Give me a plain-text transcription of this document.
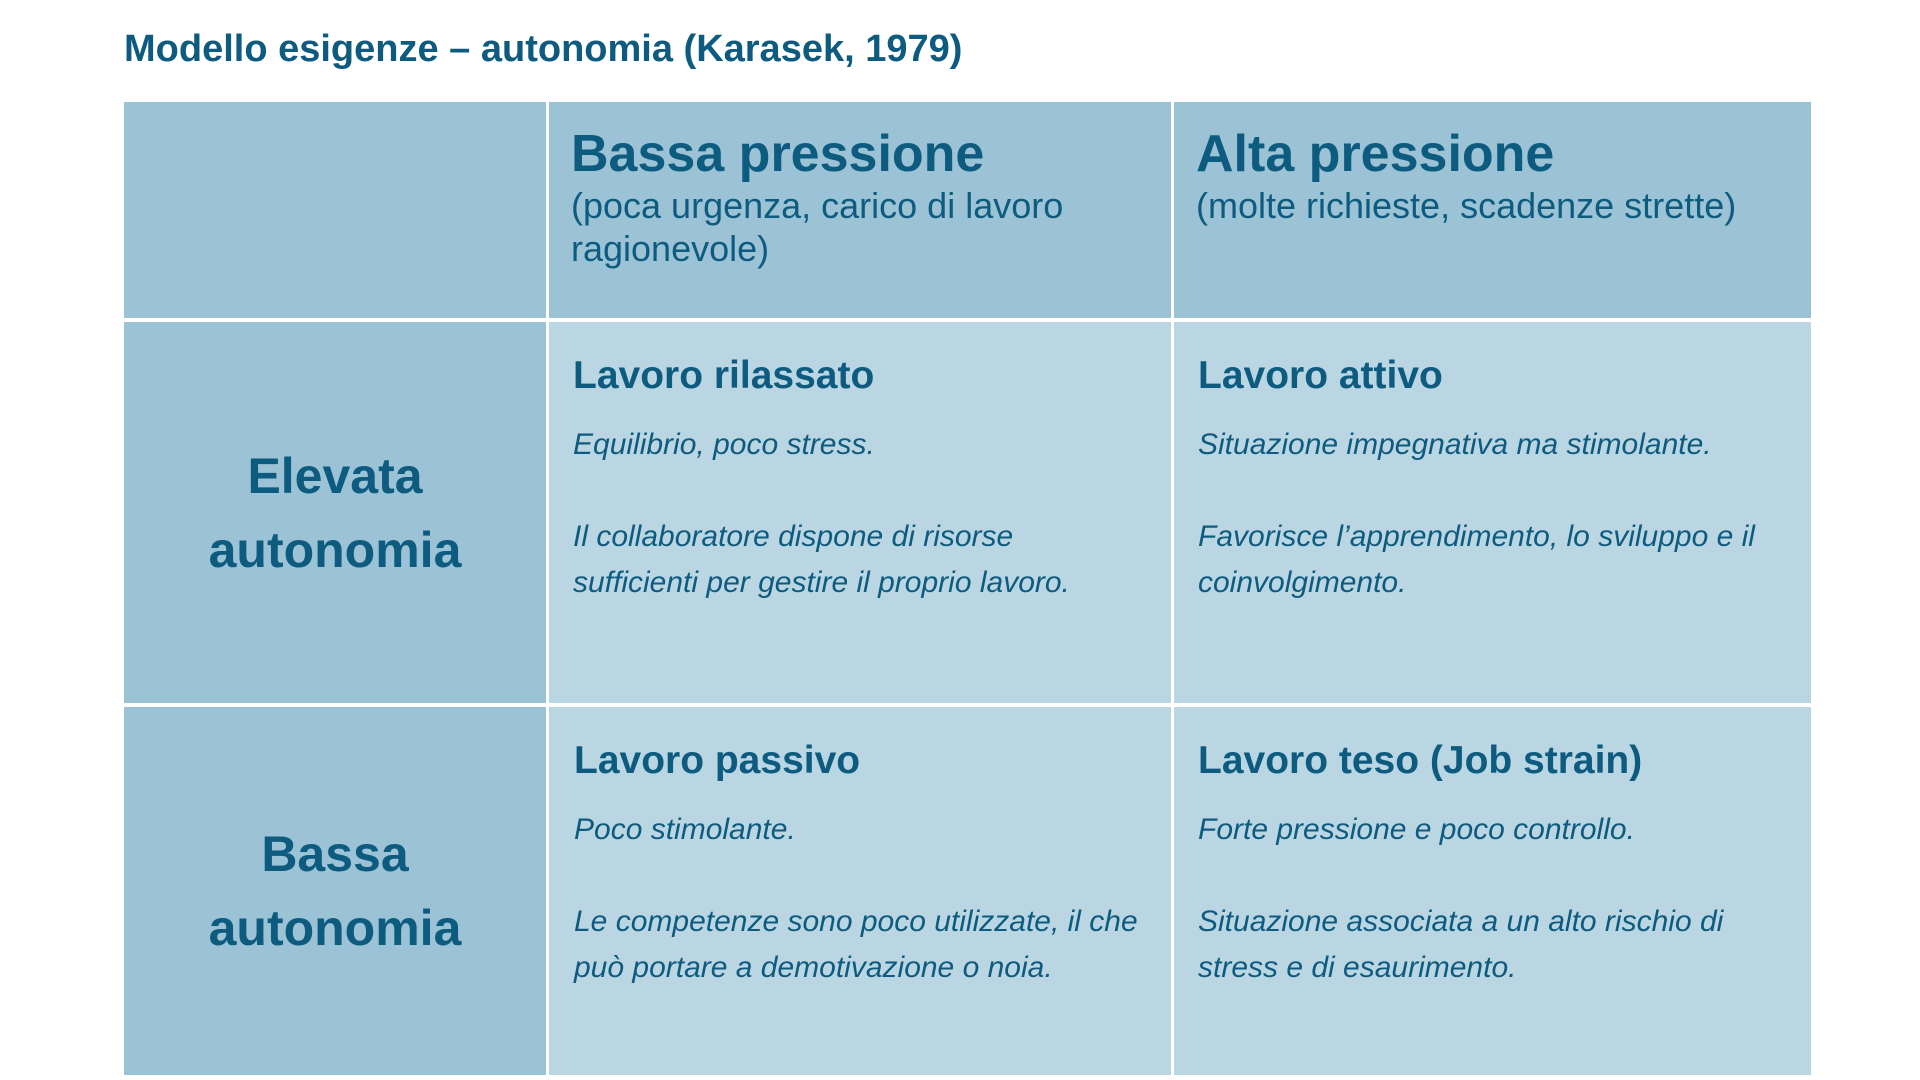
Modello esigenze – autonomia (Karasek, 1979)
Bassa pressione
(poca urgenza, carico di lavoro ragionevole)
Alta pressione
(molte richieste, scadenze strette)
Elevata
autonomia
Lavoro rilassato
Equilibrio, poco stress.
Il collaboratore dispone di risorse sufficienti per gestire il proprio lavoro.
Lavoro attivo
Situazione impegnativa ma stimolante.
Favorisce l’apprendimento, lo sviluppo e il coinvolgimento.
Bassa
autonomia
Lavoro passivo
Poco stimolante.
Le competenze sono poco utilizzate, il che può portare a demotivazione o noia.
Lavoro teso (Job strain)
Forte pressione e poco controllo.
Situazione associata a un alto rischio di stress e di esaurimento.
